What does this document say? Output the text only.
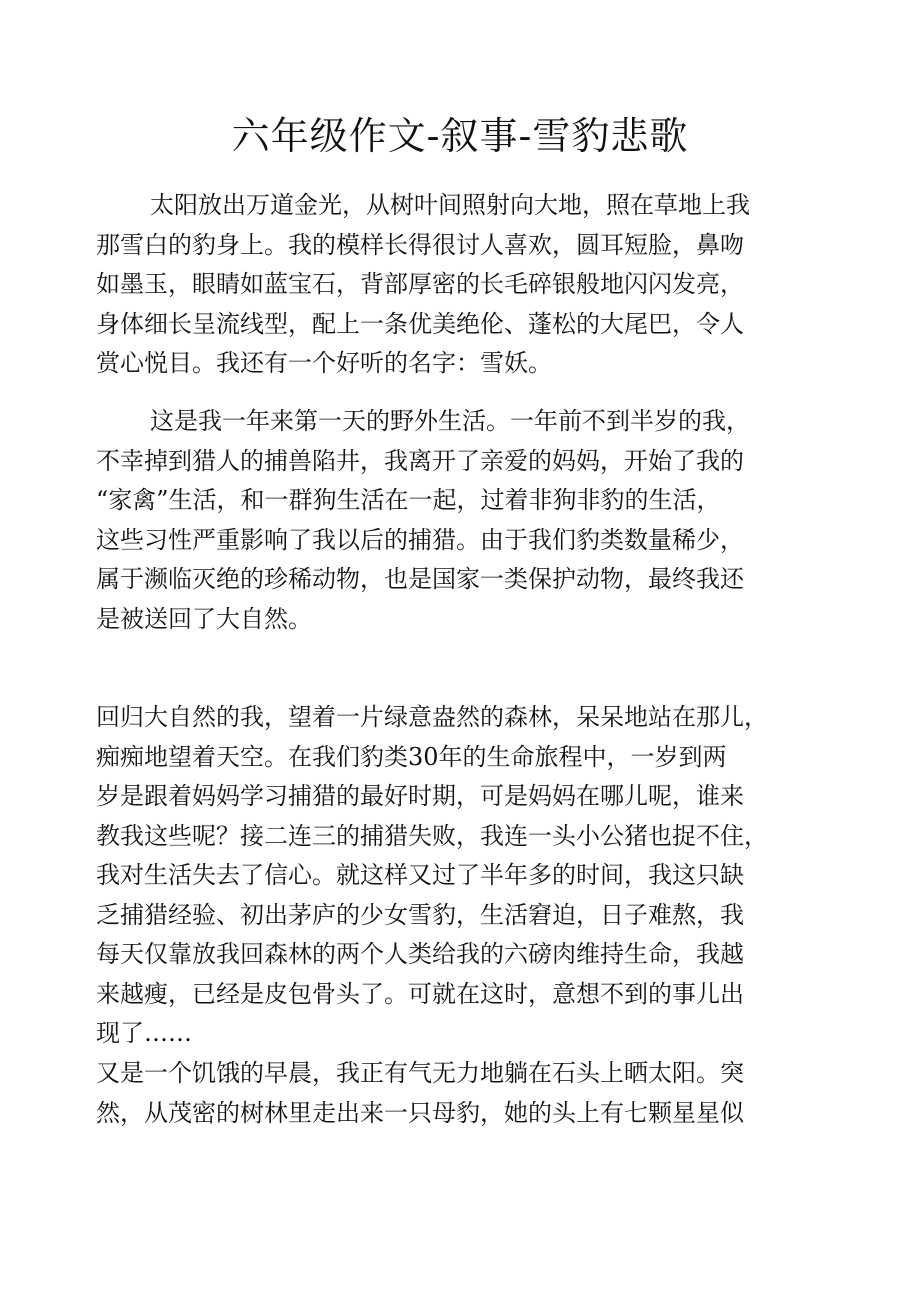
六年级作文-叙事-雪豹悲歌
太阳放出万道金光，从树叶间照射向大地，照在草地上我
那雪白的豹身上。我的模样长得很讨人喜欢，圆耳短脸，鼻吻
如墨玉，眼睛如蓝宝石，背部厚密的长毛碎银般地闪闪发亮，
身体细长呈流线型，配上一条优美绝伦、蓬松的大尾巴，令人
赏心悦目。我还有一个好听的名字：雪妖。
这是我一年来第一天的野外生活。一年前不到半岁的我，
不幸掉到猎人的捕兽陷井，我离开了亲爱的妈妈，开始了我的
“家禽”生活，和一群狗生活在一起，过着非狗非豹的生活，
这些习性严重影响了我以后的捕猎。由于我们豹类数量稀少，
属于濒临灭绝的珍稀动物，也是国家一类保护动物，最终我还
是被送回了大自然。
回归大自然的我，望着一片绿意盎然的森林，呆呆地站在那儿，
痴痴地望着天空。在我们豹类30年的生命旅程中，一岁到两
岁是跟着妈妈学习捕猎的最好时期，可是妈妈在哪儿呢，谁来
教我这些呢？接二连三的捕猎失败，我连一头小公猪也捉不住，
我对生活失去了信心。就这样又过了半年多的时间，我这只缺
乏捕猎经验、初出茅庐的少女雪豹，生活窘迫，日子难熬，我
每天仅靠放我回森林的两个人类给我的六磅肉维持生命，我越
来越瘦，已经是皮包骨头了。可就在这时，意想不到的事儿出
现了……
又是一个饥饿的早晨，我正有气无力地躺在石头上晒太阳。突
然，从茂密的树林里走出来一只母豹，她的头上有七颗星星似
